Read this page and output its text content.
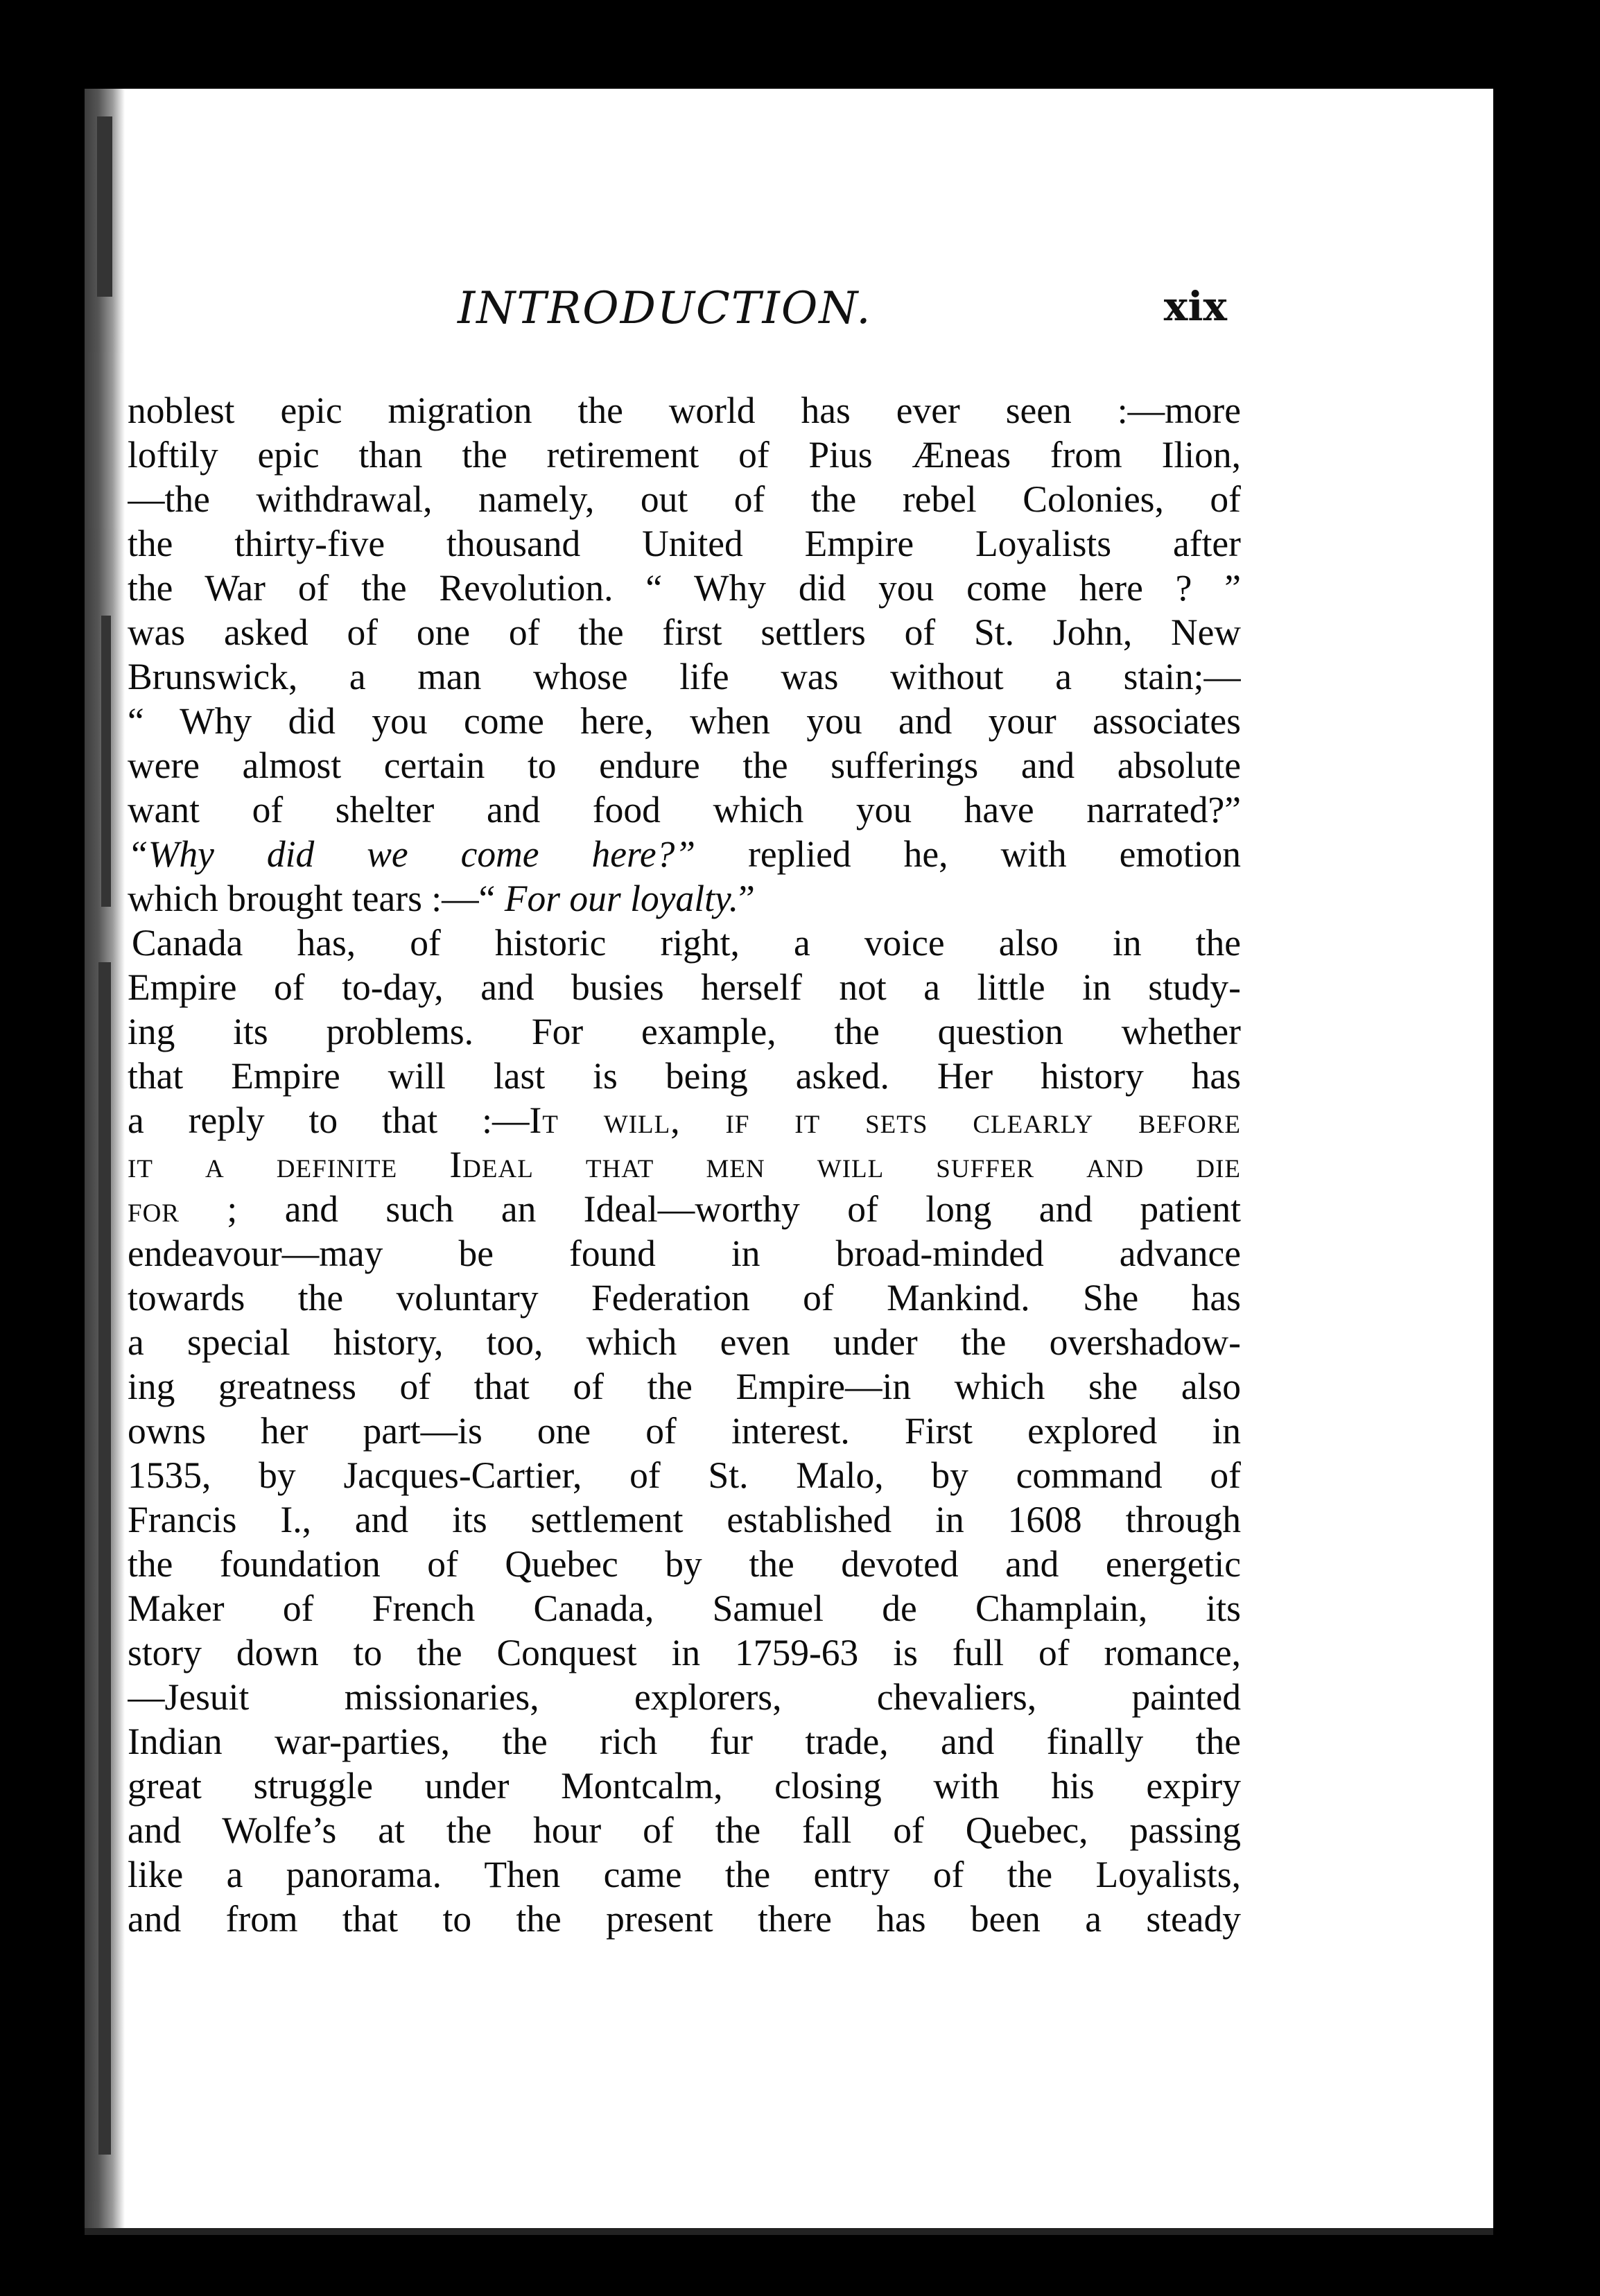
INTRODUCTION.	xix
noblest epic migration the world has ever seen :—more
loftily epic than the retirement of Pius Æneas from Ilion,
—the withdrawal, namely, out of the rebel Colonies, of
the thirty-five thousand United Empire Loyalists after
the War of the Revolution. “ Why did you come here ? ”
was asked of one of the first settlers of St. John, New
Brunswick, a man whose life was without a stain;—
“ Why did you come here, when you and your associates
were almost certain to endure the sufferings and absolute
want of shelter and food which you have narrated?”
“Why did we come here?” replied he, with emotion
which brought tears :—“ For our loyalty.”
Canada has, of historic right, a voice also in the
Empire of to-day, and busies herself not a little in study-
ing its problems. For example, the question whether
that Empire will last is being asked. Her history has
a reply to that :—It will, if it sets clearly before
it a definite Ideal that men will suffer and die
for ; and such an Ideal—worthy of long and patient
endeavour—may be found in broad-minded advance
towards the voluntary Federation of Mankind. She has
a special history, too, which even under the overshadow-
ing greatness of that of the Empire—in which she also
owns her part—is one of interest. First explored in
1535, by Jacques-Cartier, of St. Malo, by command of
Francis I., and its settlement established in 1608 through
the foundation of Quebec by the devoted and energetic
Maker of French Canada, Samuel de Champlain, its
story down to the Conquest in 1759-63 is full of romance,
—Jesuit missionaries, explorers, chevaliers, painted
Indian war-parties, the rich fur trade, and finally the
great struggle under Montcalm, closing with his expiry
and Wolfe’s at the hour of the fall of Quebec, passing
like a panorama. Then came the entry of the Loyalists,
and from that to the present there has been a steady
